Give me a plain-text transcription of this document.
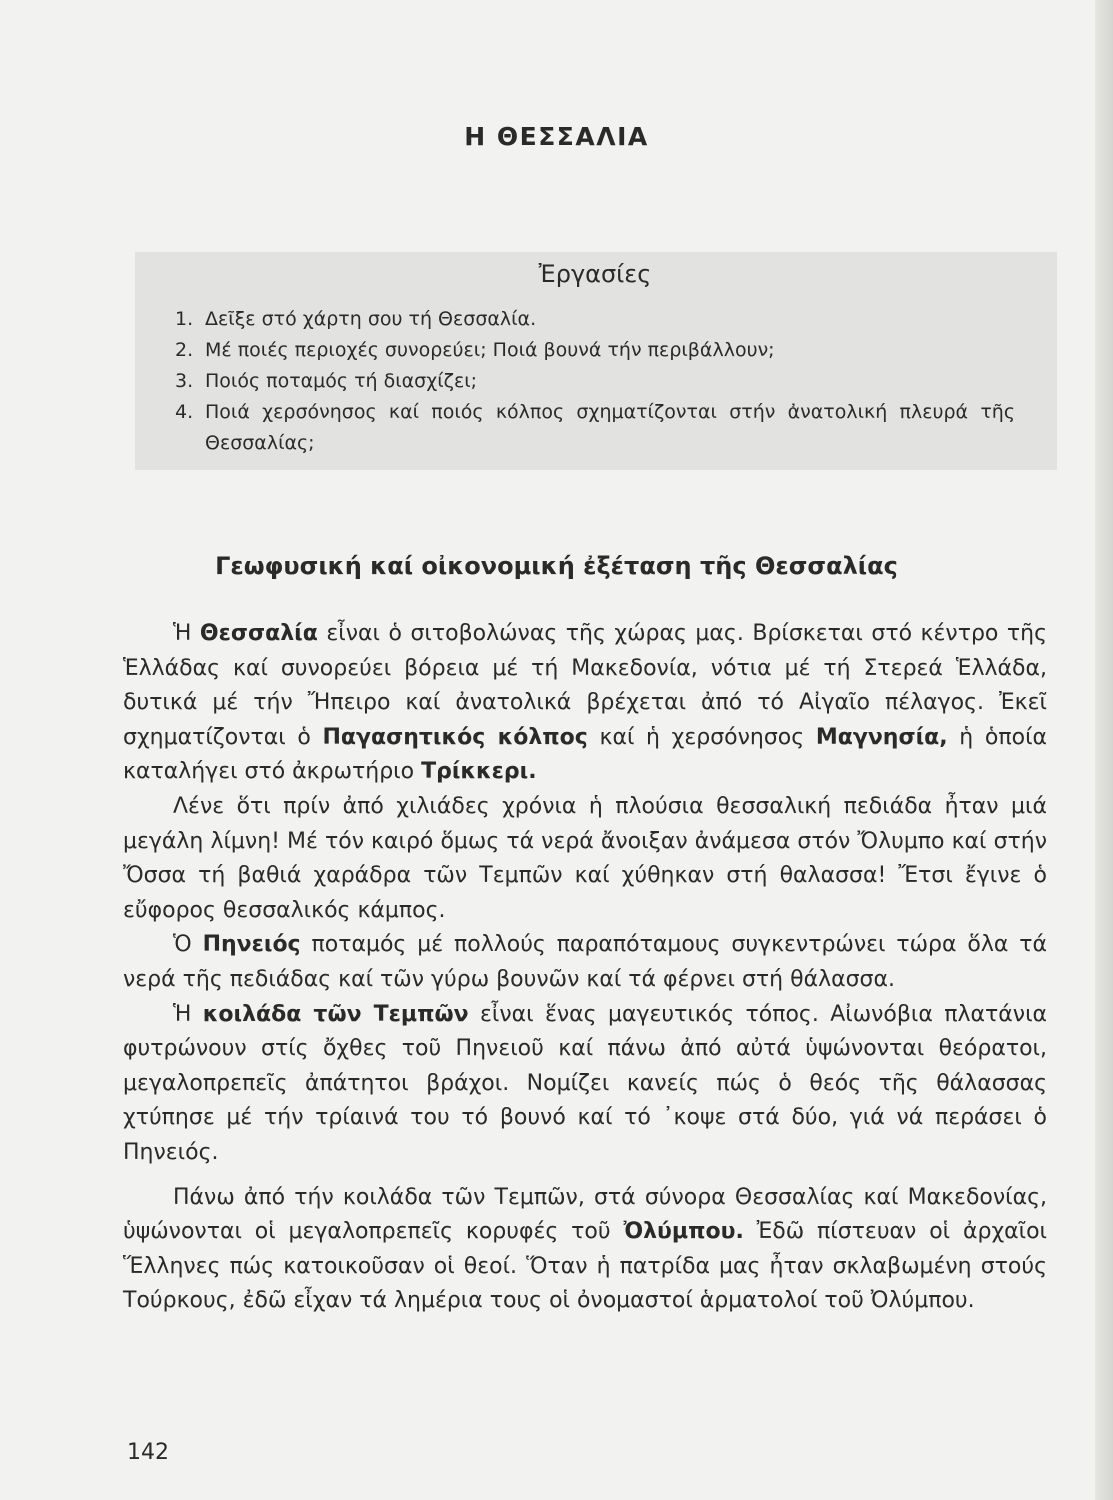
Η ΘΕΣΣΑΛΙΑ
Ἐργασίες
1. Δεῖξε στό χάρτη σου τή Θεσσαλία.
2. Μέ ποιές περιοχές συνορεύει; Ποιά βουνά τήν περιβάλλουν;
3. Ποιός ποταμός τή διασχίζει;
4. Ποιά χερσόνησος καί ποιός κόλπος σχηματίζονται στήν ἀνατολική πλευρά τῆς Θεσσαλίας;
Γεωφυσική καί οἰκονομική ἐξέταση τῆς Θεσσαλίας

Ἡ Θεσσαλία εἶναι ὁ σιτοβολώνας τῆς χώρας μας. Βρίσκεται στό κέντρο τῆς Ἑλλάδας καί συνορεύει βόρεια μέ τή Μακεδονία, νότια μέ τή Στερεά Ἑλλάδα, δυτικά μέ τήν Ἤπειρο καί ἀνατολικά βρέχεται ἀπό τό Αἰγαῖο πέλαγος. Ἐκεῖ σχηματίζονται ὁ Παγασητικός κόλπος καί ἡ χερσόνησος Μαγνησία, ἡ ὁποία καταλήγει στό ἀκρωτήριο Τρίκκερι.

Λένε ὅτι πρίν ἀπό χιλιάδες χρόνια ἡ πλούσια θεσσαλική πεδιάδα ἦταν μιά μεγάλη λίμνη! Μέ τόν καιρό ὅμως τά νερά ἄνοιξαν ἀνάμεσα στόν Ὄλυμπο καί στήν Ὄσσα τή βαθιά χαράδρα τῶν Τεμπῶν καί χύθηκαν στή θαλασσα! Ἔτσι ἔγινε ὁ εὔφορος θεσσαλικός κάμπος.

Ὁ Πηνειός ποταμός μέ πολλούς παραπόταμους συγκεντρώνει τώρα ὅλα τά νερά τῆς πεδιάδας καί τῶν γύρω βουνῶν καί τά φέρνει στή θάλασσα.

Ἡ κοιλάδα τῶν Τεμπῶν εἶναι ἕνας μαγευτικός τόπος. Αἰωνόβια πλατάνια φυτρώνουν στίς ὄχθες τοῦ Πηνειοῦ καί πάνω ἀπό αὐτά ὑψώνονται θεόρατοι, μεγαλοπρεπεῖς ἀπάτητοι βράχοι. Νομίζει κανείς πώς ὁ θεός τῆς θάλασσας χτύπησε μέ τήν τρίαινά του τό βουνό καί τό ᾿κοψε στά δύο, γιά νά περάσει ὁ Πηνειός.

Πάνω ἀπό τήν κοιλάδα τῶν Τεμπῶν, στά σύνορα Θεσσαλίας καί Μακεδονίας, ὑψώνονται οἱ μεγαλοπρεπεῖς κορυφές τοῦ Ὀλύμπου. Ἐδῶ πίστευαν οἱ ἀρχαῖοι Ἕλληνες πώς κατοικοῦσαν οἱ θεοί. Ὅταν ἡ πατρίδα μας ἦταν σκλαβωμένη στούς Τούρκους, ἐδῶ εἶχαν τά λημέρια τους οἱ ὀνομαστοί ἁρματολοί τοῦ Ὀλύμπου.

142
